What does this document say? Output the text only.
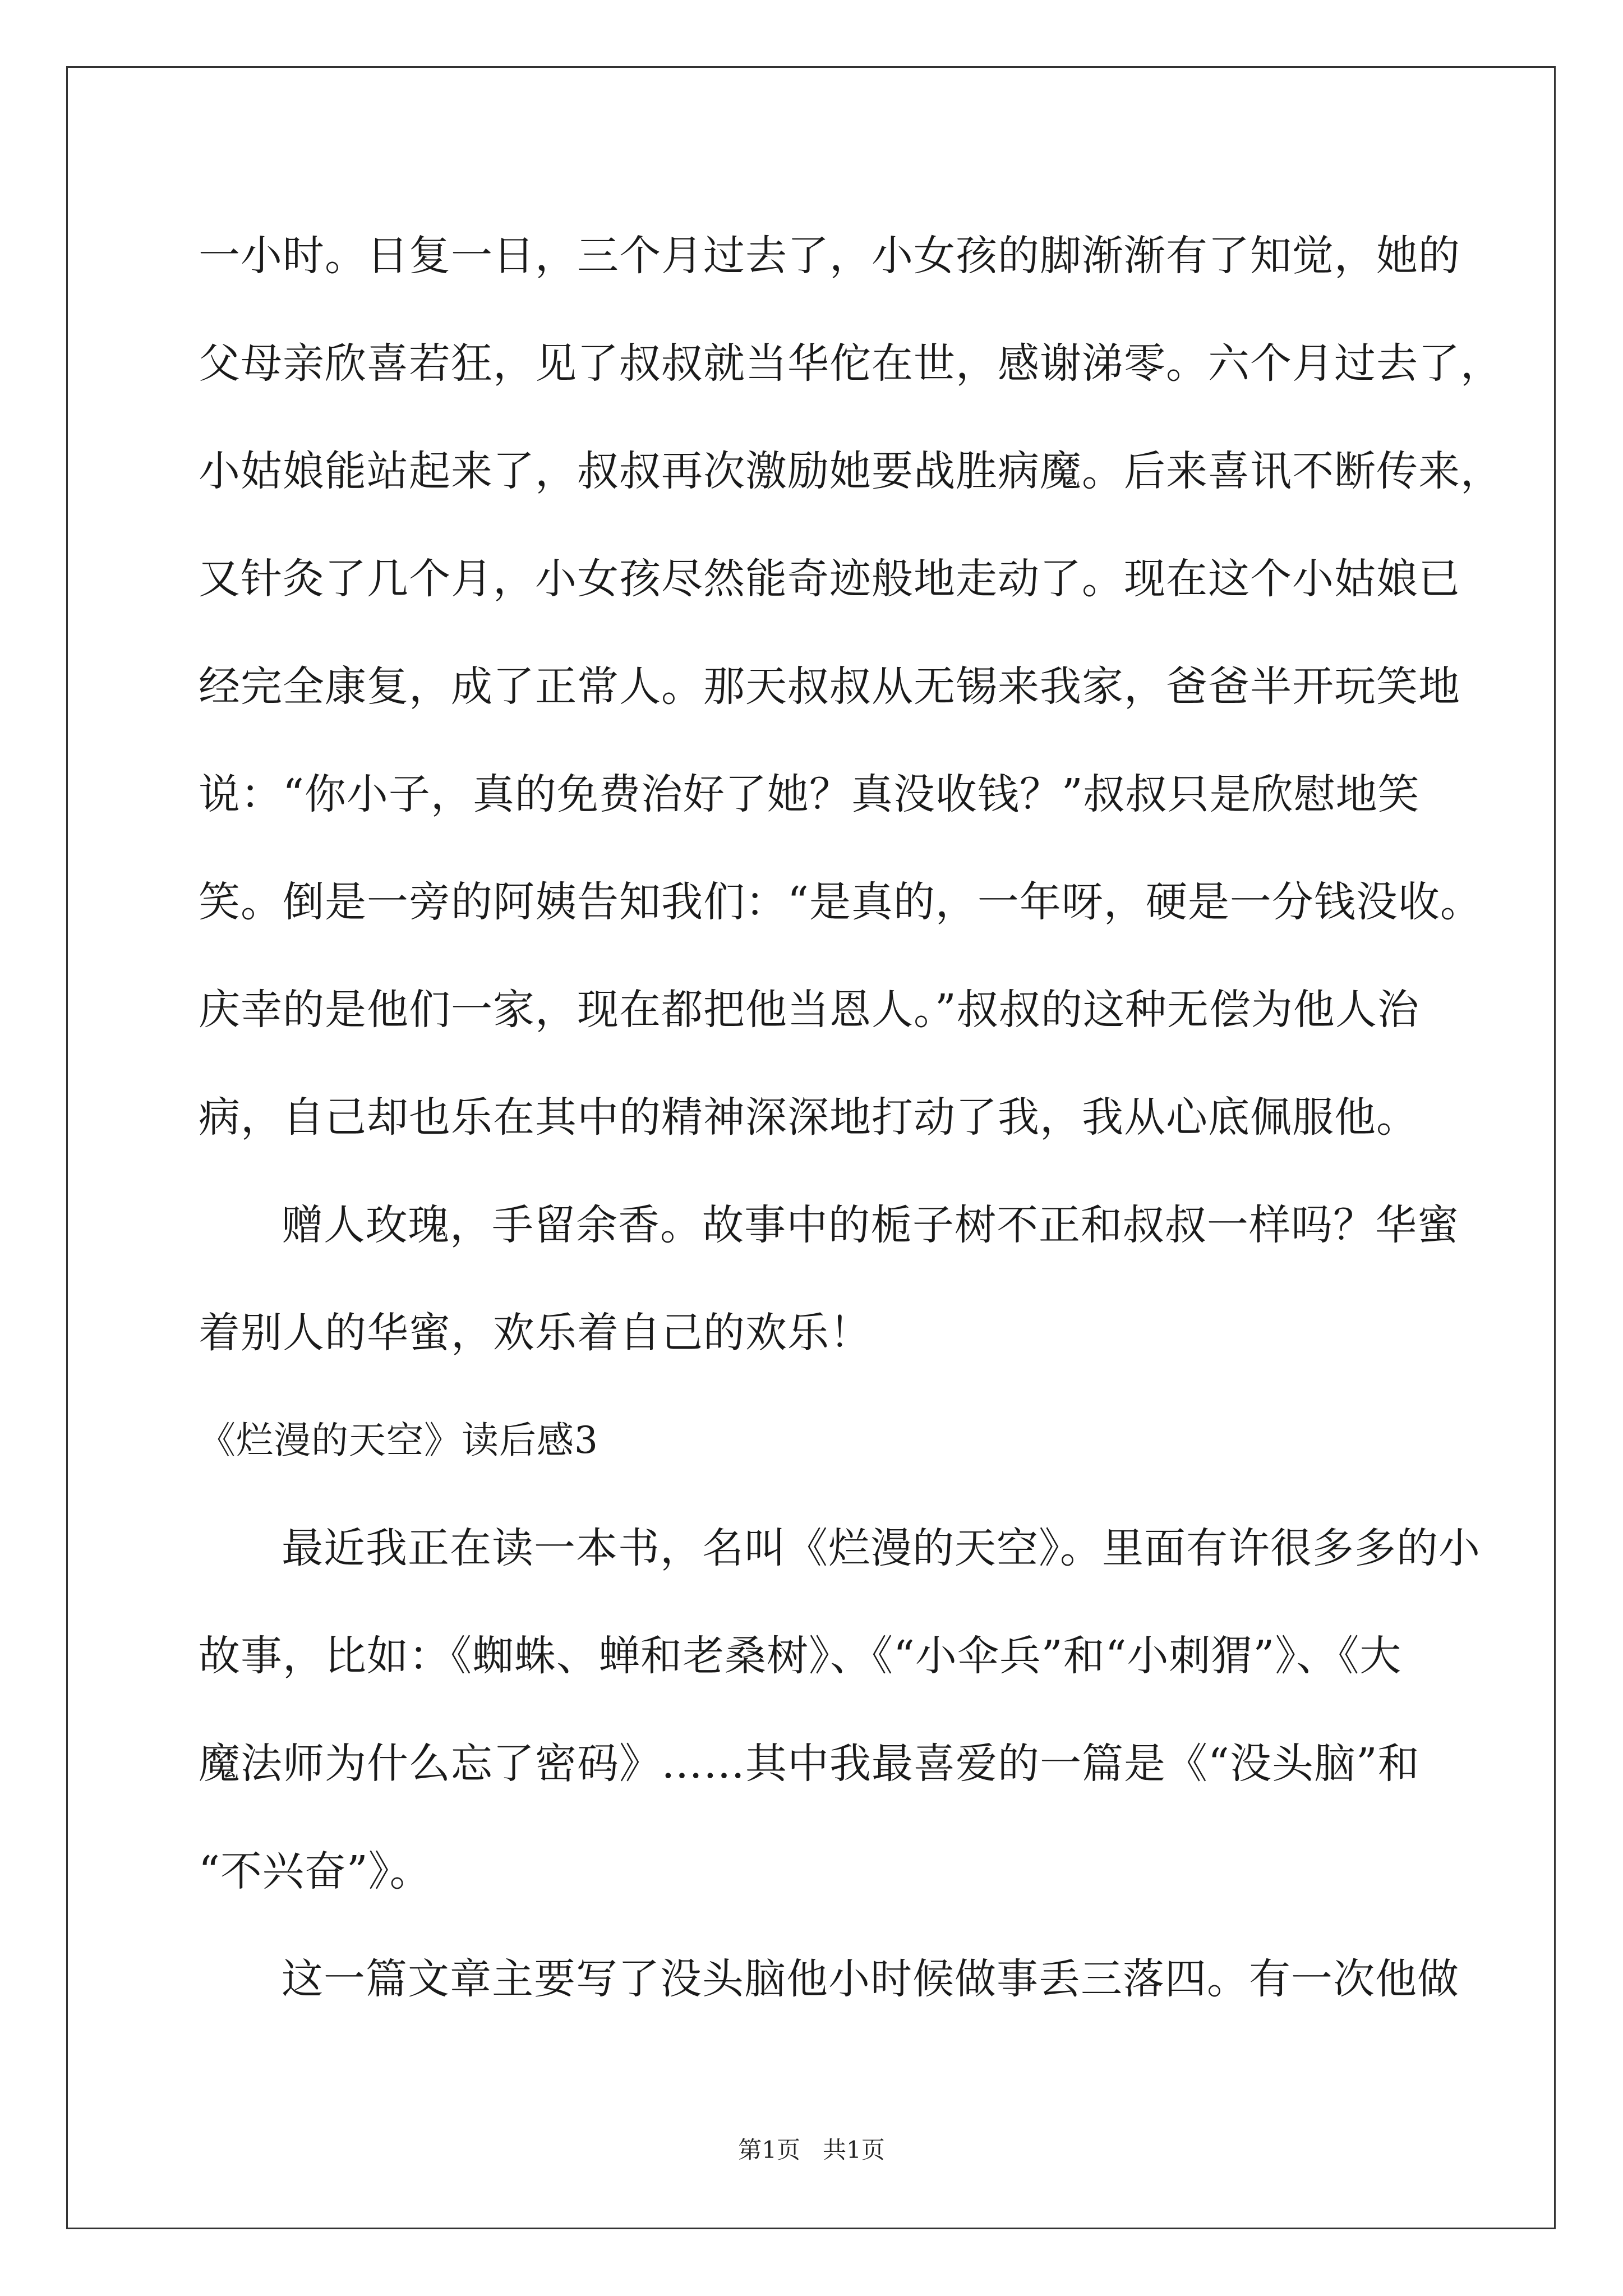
一小时。日复一日，三个月过去了，小女孩的脚渐渐有了知觉，她的
父母亲欣喜若狂，见了叔叔就当华佗在世，感谢涕零。六个月过去了，
小姑娘能站起来了，叔叔再次激励她要战胜病魔。后来喜讯不断传来，
又针灸了几个月，小女孩尽然能奇迹般地走动了。现在这个小姑娘已
经完全康复，成了正常人。那天叔叔从无锡来我家，爸爸半开玩笑地
说：“你小子，真的免费治好了她？真没收钱？”叔叔只是欣慰地笑
笑。倒是一旁的阿姨告知我们：“是真的，一年呀，硬是一分钱没收。
庆幸的是他们一家，现在都把他当恩人。”叔叔的这种无偿为他人治
病，自己却也乐在其中的精神深深地打动了我，我从心底佩服他。
赠人玫瑰，手留余香。故事中的栀子树不正和叔叔一样吗？华蜜
着别人的华蜜，欢乐着自己的欢乐！
《烂漫的天空》读后感3
最近我正在读一本书，名叫《烂漫的天空》。里面有许很多多的小
故事，比如：《蜘蛛、蝉和老桑树》、《“小伞兵”和“小刺猬”》、《大
魔法师为什么忘了密码》……其中我最喜爱的一篇是《“没头脑”和
“不兴奋”》。
这一篇文章主要写了没头脑他小时候做事丢三落四。有一次他做
第1页 共1页
